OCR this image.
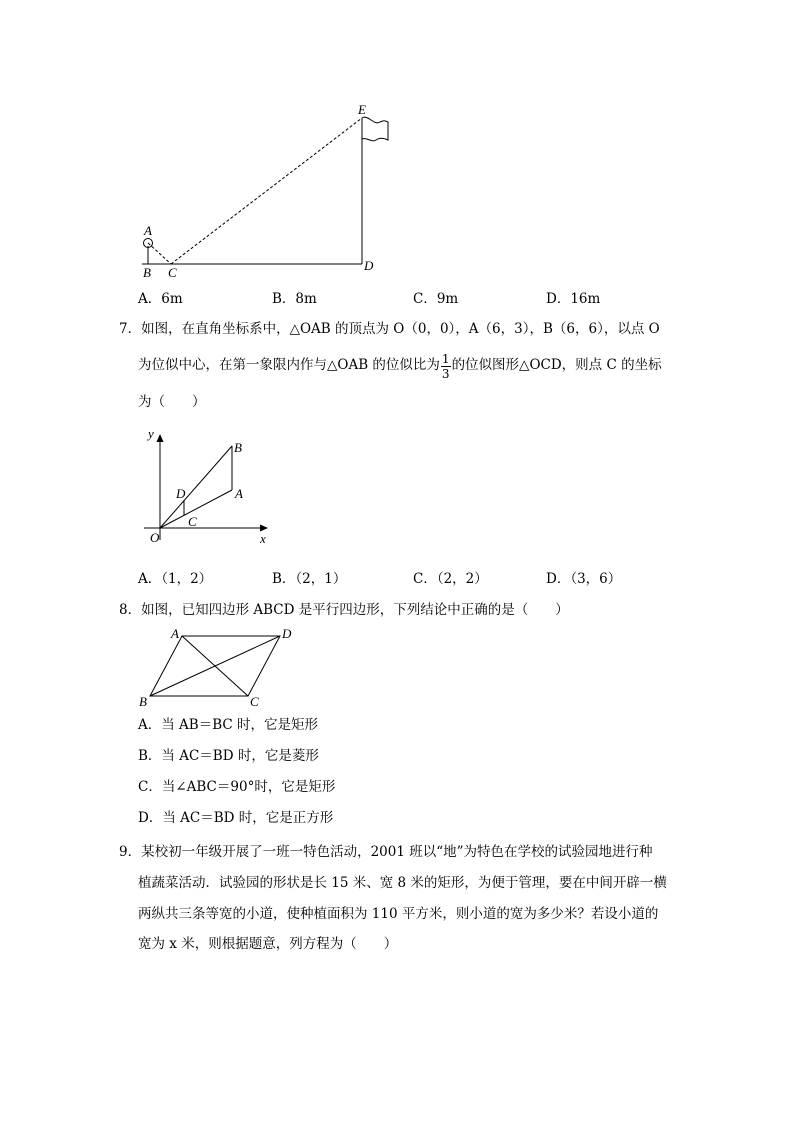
E
A
B C	D
A．6m	B．8m	C．9m	D．16m
7．如图，在直角坐标系中，△OAB 的顶点为 O（0，0），A（6，3），B（6，6），以点 O
为位似中心，在第一象限内作与△OAB 的位似比为 $\frac{1}{3}$ 的位似图形△OCD，则点 C 的坐标
为（　　）
y
x
O
B
A
D
C
A．（1，2）	B．（2，1）	C．（2，2）	D．（3，6）
8．如图，已知四边形 ABCD 是平行四边形，下列结论中正确的是（　　）
A	D
B	C
A．当 AB＝BC 时，它是矩形
B．当 AC＝BD 时，它是菱形
C．当∠ABC＝90°时，它是矩形
D．当 AC＝BD 时，它是正方形
9．某校初一年级开展了一班一特色活动，2001 班以“地”为特色在学校的试验园地进行种
植蔬菜活动．试验园的形状是长 15 米、宽 8 米的矩形，为便于管理，要在中间开辟一横
两纵共三条等宽的小道，使种植面积为 110 平方米，则小道的宽为多少米？若设小道的
宽为 x 米，则根据题意，列方程为（　　）
